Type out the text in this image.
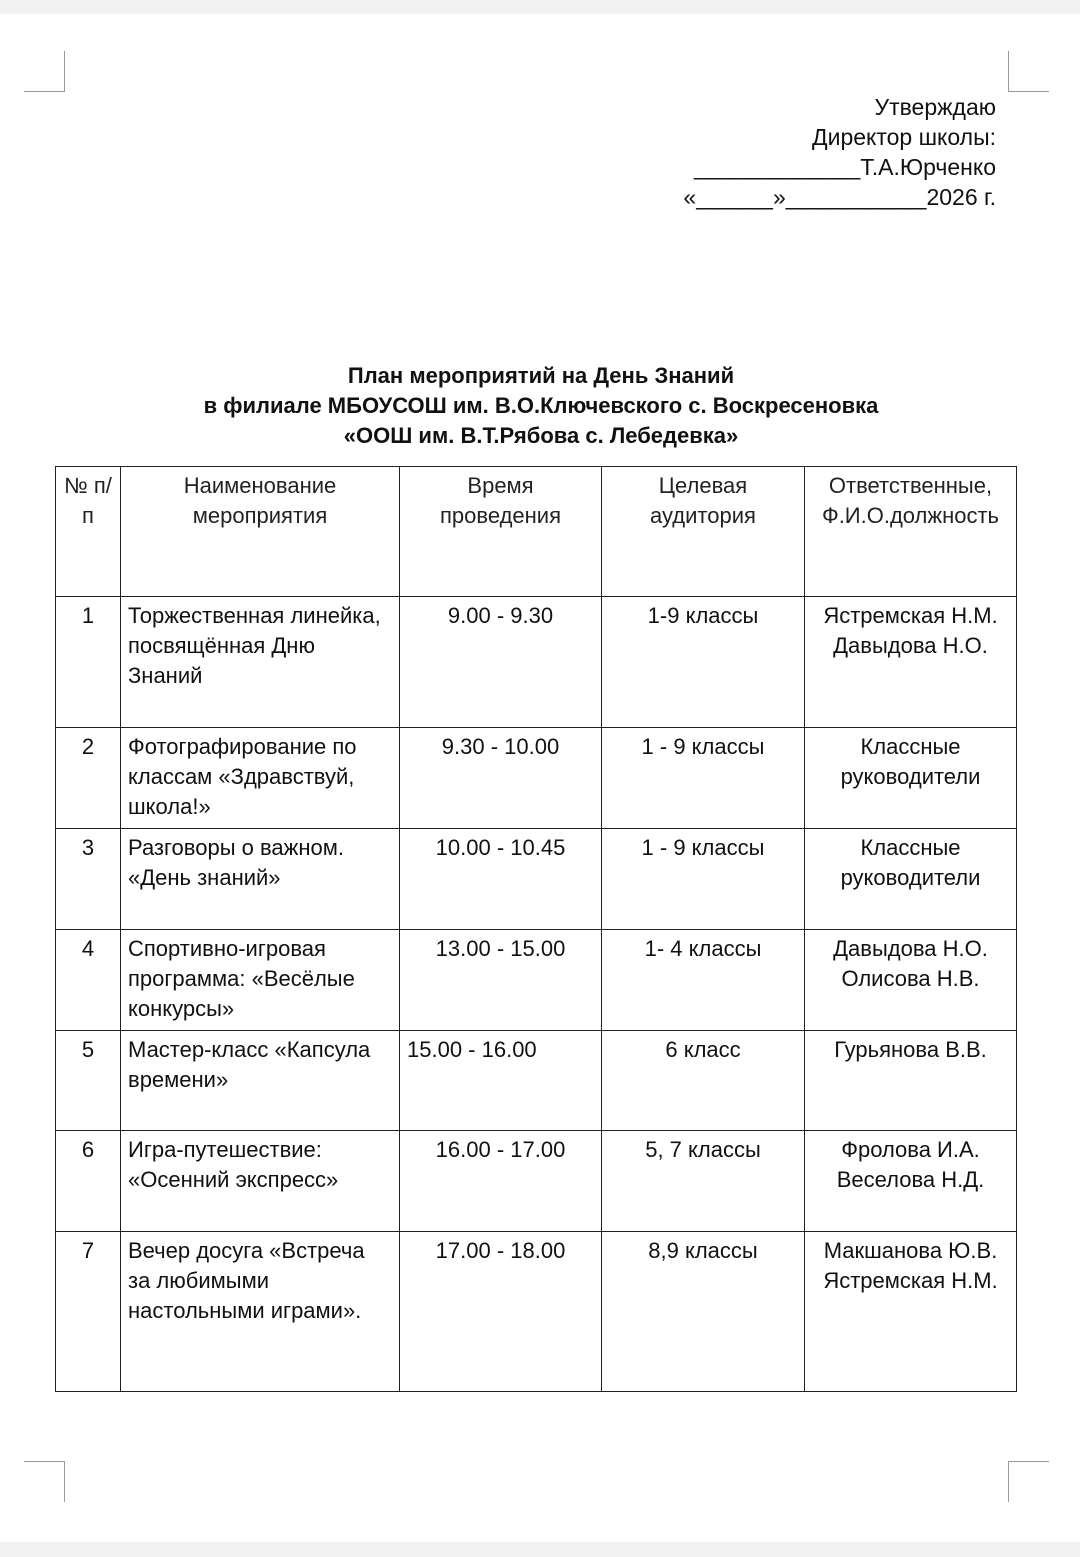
Утверждаю
Директор школы:
_____________Т.А.Юрченко
«______»___________2026 г.
План мероприятий на День Знаний
в филиале МБОУСОШ им. В.О.Ключевского с. Воскресеновка
«ООШ им. В.Т.Рябова с. Лебедевка»
№ п/п	Наименование мероприятия	Время проведения	Целевая аудитория	Ответственные, Ф.И.О.должность
1	Торжественная линейка, посвящённая Дню Знаний	9.00 - 9.30	1-9 классы	Ястремская Н.М. Давыдова Н.О.
2	Фотографирование по классам «Здравствуй, школа!»	9.30 - 10.00	1 - 9 классы	Классные руководители
3	Разговоры о важном. «День знаний»	10.00 - 10.45	1 - 9 классы	Классные руководители
4	Спортивно-игровая программа: «Весёлые конкурсы»	13.00 - 15.00	1- 4 классы	Давыдова Н.О. Олисова Н.В.
5	Мастер-класс «Капсула времени»	15.00 - 16.00	6 класс	Гурьянова В.В.
6	Игра-путешествие: «Осенний экспресс»	16.00 - 17.00	5, 7 классы	Фролова И.А. Веселова Н.Д.
7	Вечер досуга «Встреча за любимыми настольными играми».	17.00 - 18.00	8,9 классы	Макшанова Ю.В. Ястремская Н.М.
